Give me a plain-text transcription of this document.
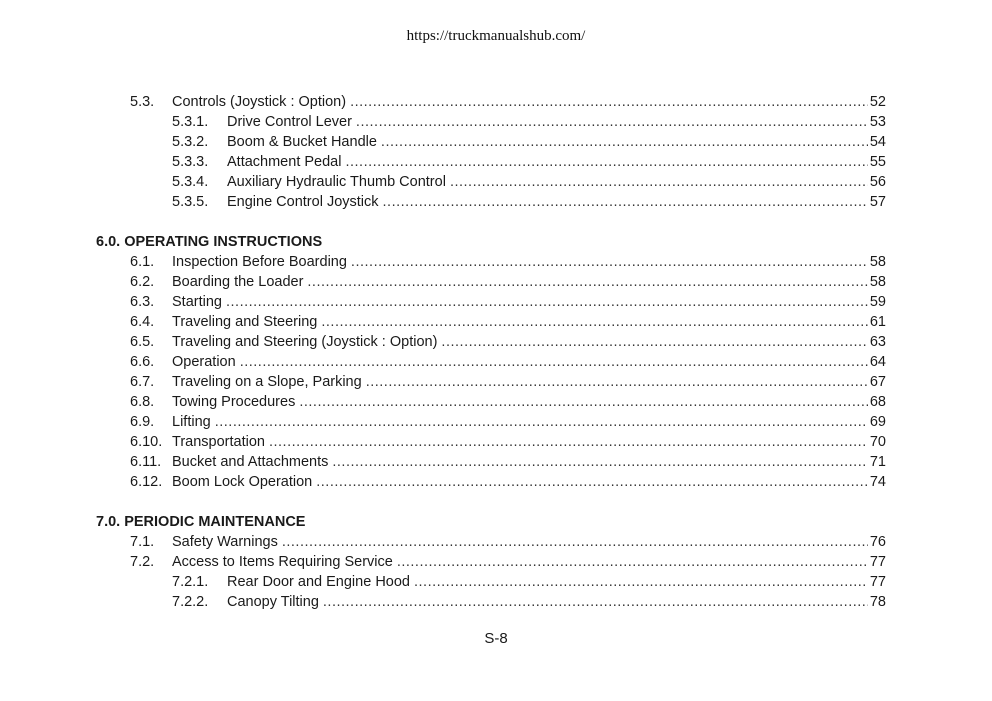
https://truckmanualshub.com/
5.3.	Controls (Joystick : Option) .....	52
5.3.1.	Drive Control Lever .....	53
5.3.2.	Boom & Bucket Handle .....	54
5.3.3.	Attachment Pedal .....	55
5.3.4.	Auxiliary Hydraulic Thumb Control .....	56
5.3.5.	Engine Control Joystick .....	57
6.0. OPERATING INSTRUCTIONS
6.1.	Inspection Before Boarding .....	58
6.2.	Boarding the Loader .....	58
6.3.	Starting .....	59
6.4.	Traveling and Steering .....	61
6.5.	Traveling and Steering (Joystick : Option) .....	63
6.6.	Operation .....	64
6.7.	Traveling on a Slope, Parking .....	67
6.8.	Towing Procedures .....	68
6.9.	Lifting .....	69
6.10. Transportation .....	70
6.11. Bucket and Attachments .....	71
6.12. Boom Lock Operation .....	74
7.0. PERIODIC MAINTENANCE
7.1.	Safety Warnings .....	76
7.2.	Access to Items Requiring Service .....	77
7.2.1.	Rear Door and Engine Hood .....	77
7.2.2.	Canopy Tilting .....	78
S-8
